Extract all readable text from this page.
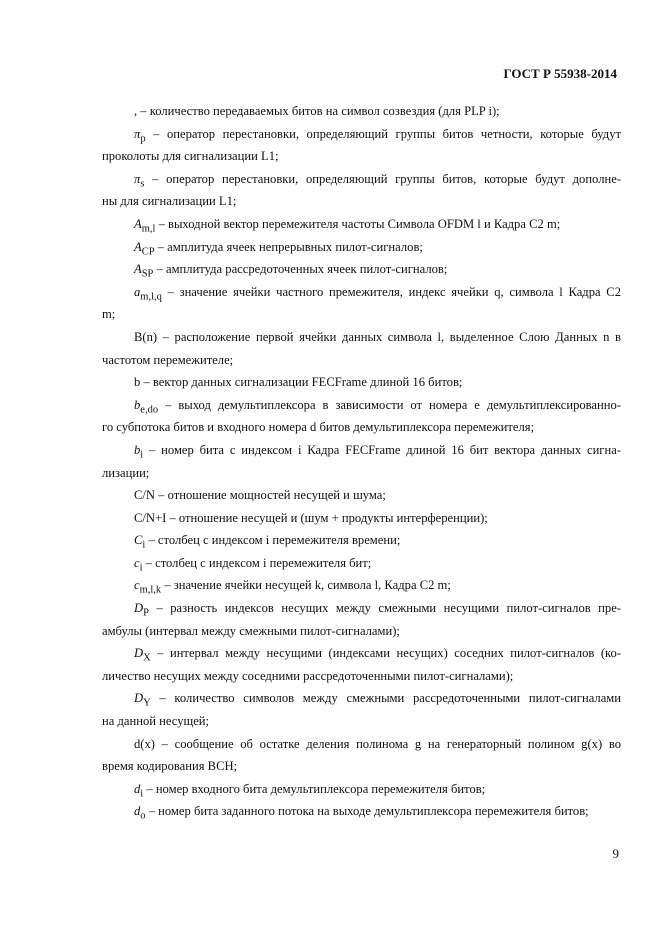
ГОСТ Р 55938-2014
, – количество передаваемых битов на символ созвездия (для PLP i);
$\pi_p$ – оператор перестановки, определяющий группы битов четности, которые будут
проколоты для сигнализации L1;
$\pi_s$ – оператор перестановки, определяющий группы битов, которые будут дополне-
ны для сигнализации L1;
$A_{m,l}$ – выходной вектор перемежителя частоты Символа OFDM l и Кадра C2 m;
$A_{CP}$ – амплитуда ячеек непрерывных пилот-сигналов;
$A_{SP}$ – амплитуда рассредоточенных ячеек пилот-сигналов;
$a_{m,l,q}$ – значение ячейки частного премежителя, индекс ячейки q, символа l Кадра C2
m;
B(n) – расположение первой ячейки данных символа l, выделенное Слою Данных n в
частотом перемежителе;
b – вектор данных сигнализации FECFrame длиной 16 битов;
$b_{e,do}$ – выход демультиплексора в зависимости от номера e демультиплексированно-
го субпотока битов и входного номера d битов демультиплексора перемежителя;
$b_i$ – номер бита c индексом i Кадра FECFrame длиной 16 бит вектора данных сигна-
лизации;
C/N – отношение мощностей несущей и шума;
C/N+I – отношение несущей и (шум + продукты интерференции);
$C_i$ – столбец с индексом i перемежителя времени;
$c_i$ – столбец с индексом i перемежителя бит;
$c_{m,l,k}$ – значение ячейки несущей k, символа l, Кадра C2 m;
$D_P$ – разность индексов несущих между смежными несущими пилот-сигналов пре-
амбулы (интервал между смежными пилот-сигналами);
$D_X$ – интервал между несущими (индексами несущих) соседних пилот-сигналов (ко-
личество несущих между соседними рассредоточенными пилот-сигналами);
$D_Y$ – количество символов между смежными рассредоточенными пилот-сигналами
на данной несущей;
d(x) – сообщение об остатке деления полинома g на генераторный полином g(x) во
время кодирования BCH;
$d_i$ – номер входного бита демультиплексора перемежителя битов;
$d_o$ – номер бита заданного потока на выходе демультиплексора перемежителя битов;
9
